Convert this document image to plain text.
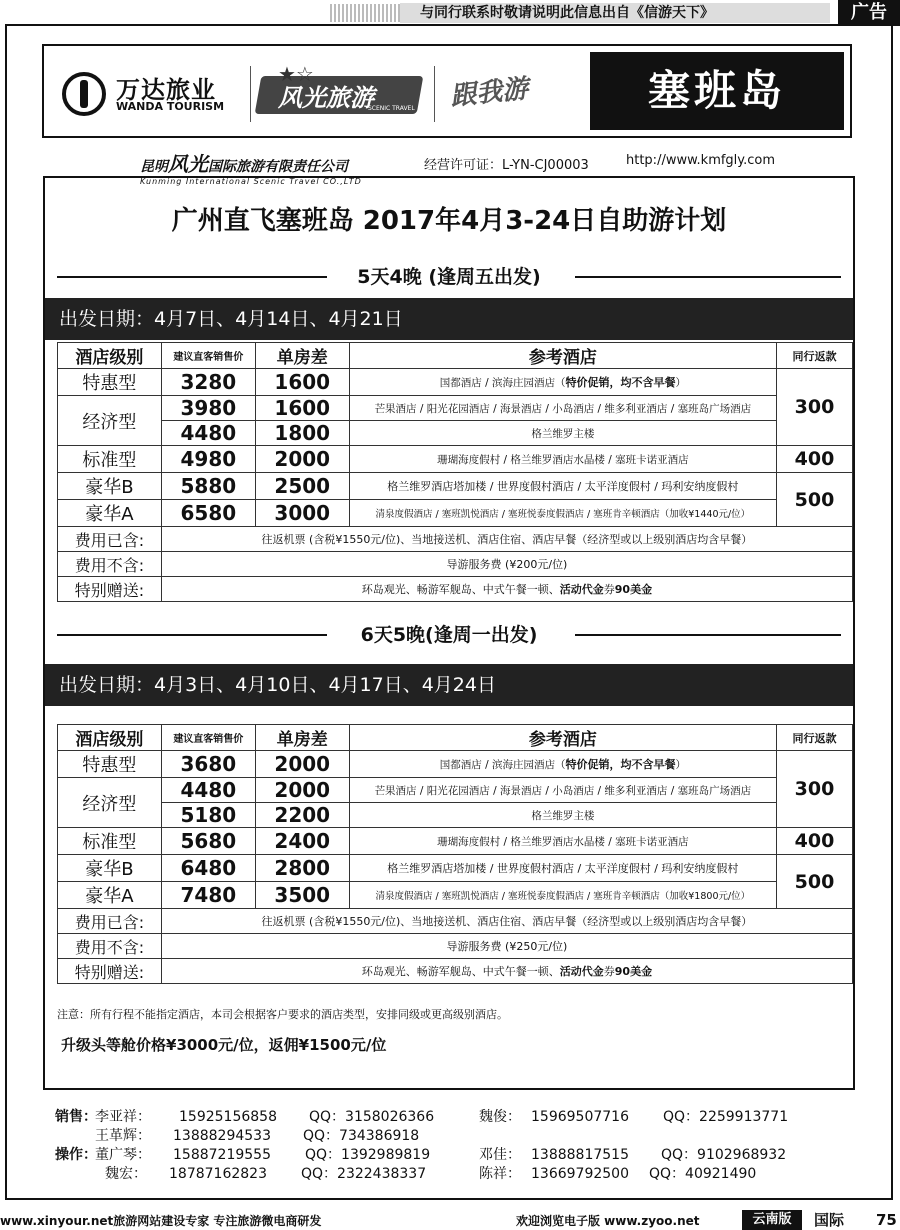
与同行联系时敬请说明此信息出自《信游天下》	广告
万达旅业
WANDA TOURISM
★☆
风光旅游
SCENIC TRAVEL 跟我游	塞班岛
昆明风光国际旅游有限责任公司
Kunming International Scenic Travel CO.,LTD
经营许可证：L-YN-CJ00003	http://www.kmfgly.com
广州直飞塞班岛 2017年4月3-24日自助游计划
5天4晚 (逢周五出发)
出发日期：4月7日、4月14日、4月21日
酒店级别	建议直客销售价	单房差	参考酒店	同行返款
特惠型	3280	1600	国都酒店 / 滨海庄园酒店（特价促销，均不含早餐）	300
经济型	3980	1600	芒果酒店 / 阳光花园酒店 / 海景酒店 / 小岛酒店 / 维多利亚酒店 / 塞班岛广场酒店	
	4480	1800	格兰维罗主楼	
标准型	4980	2000	珊瑚海度假村 / 格兰维罗酒店水晶楼 / 塞班卡诺亚酒店	400
豪华B	5880	2500	格兰维罗酒店塔加楼 / 世界度假村酒店 / 太平洋度假村 / 玛利安纳度假村	500
豪华A	6580	3000	清泉度假酒店 / 塞班凯悦酒店 / 塞班悦泰度假酒店 / 塞班肯辛顿酒店（加收¥1440元/位）	
费用已含:	往返机票 (含税¥1550元/位)、当地接送机、酒店住宿、酒店早餐（经济型或以上级别酒店均含早餐）			
费用不含:	导游服务费 (¥200元/位)			
特别赠送:	环岛观光、畅游军舰岛、中式午餐一顿、活动代金券90美金			
6天5晚(逢周一出发)
出发日期：4月3日、4月10日、4月17日、4月24日
酒店级别	建议直客销售价	单房差	参考酒店	同行返款
特惠型	3680	2000	国都酒店 / 滨海庄园酒店（特价促销，均不含早餐）	300
经济型	4480	2000	芒果酒店 / 阳光花园酒店 / 海景酒店 / 小岛酒店 / 维多利亚酒店 / 塞班岛广场酒店	
	5180	2200	格兰维罗主楼	
标准型	5680	2400	珊瑚海度假村 / 格兰维罗酒店水晶楼 / 塞班卡诺亚酒店	400
豪华B	6480	2800	格兰维罗酒店塔加楼 / 世界度假村酒店 / 太平洋度假村 / 玛利安纳度假村	500
豪华A	7480	3500	清泉度假酒店 / 塞班凯悦酒店 / 塞班悦泰度假酒店 / 塞班肯辛顿酒店（加收¥1800元/位）	
费用已含:	往返机票 (含税¥1550元/位)、当地接送机、酒店住宿、酒店早餐（经济型或以上级别酒店均含早餐）			
费用不含:	导游服务费 (¥250元/位)			
特别赠送:	环岛观光、畅游军舰岛、中式午餐一顿、活动代金券90美金			
注意：所有行程不能指定酒店，本司会根据客户要求的酒店类型，安排同级或更高级别酒店。
升级头等舱价格¥3000元/位，返佣¥1500元/位
销售：
李亚祥： 15925156858 QQ：3158026366	魏俊： 15969507716 QQ：2259913771
王革辉： 13888294533 QQ：734386918
操作：
董广琴： 15887219555 QQ：1392989819	邓佳： 13888817515 QQ：9102968932
魏宏： 18787162823 QQ：2322438337	陈祥： 13669792500 QQ：40921490
www.xinyour.net旅游网站建设专家 专注旅游微电商研发	欢迎浏览电子版 www.zyoo.net	云南版	国际 75
